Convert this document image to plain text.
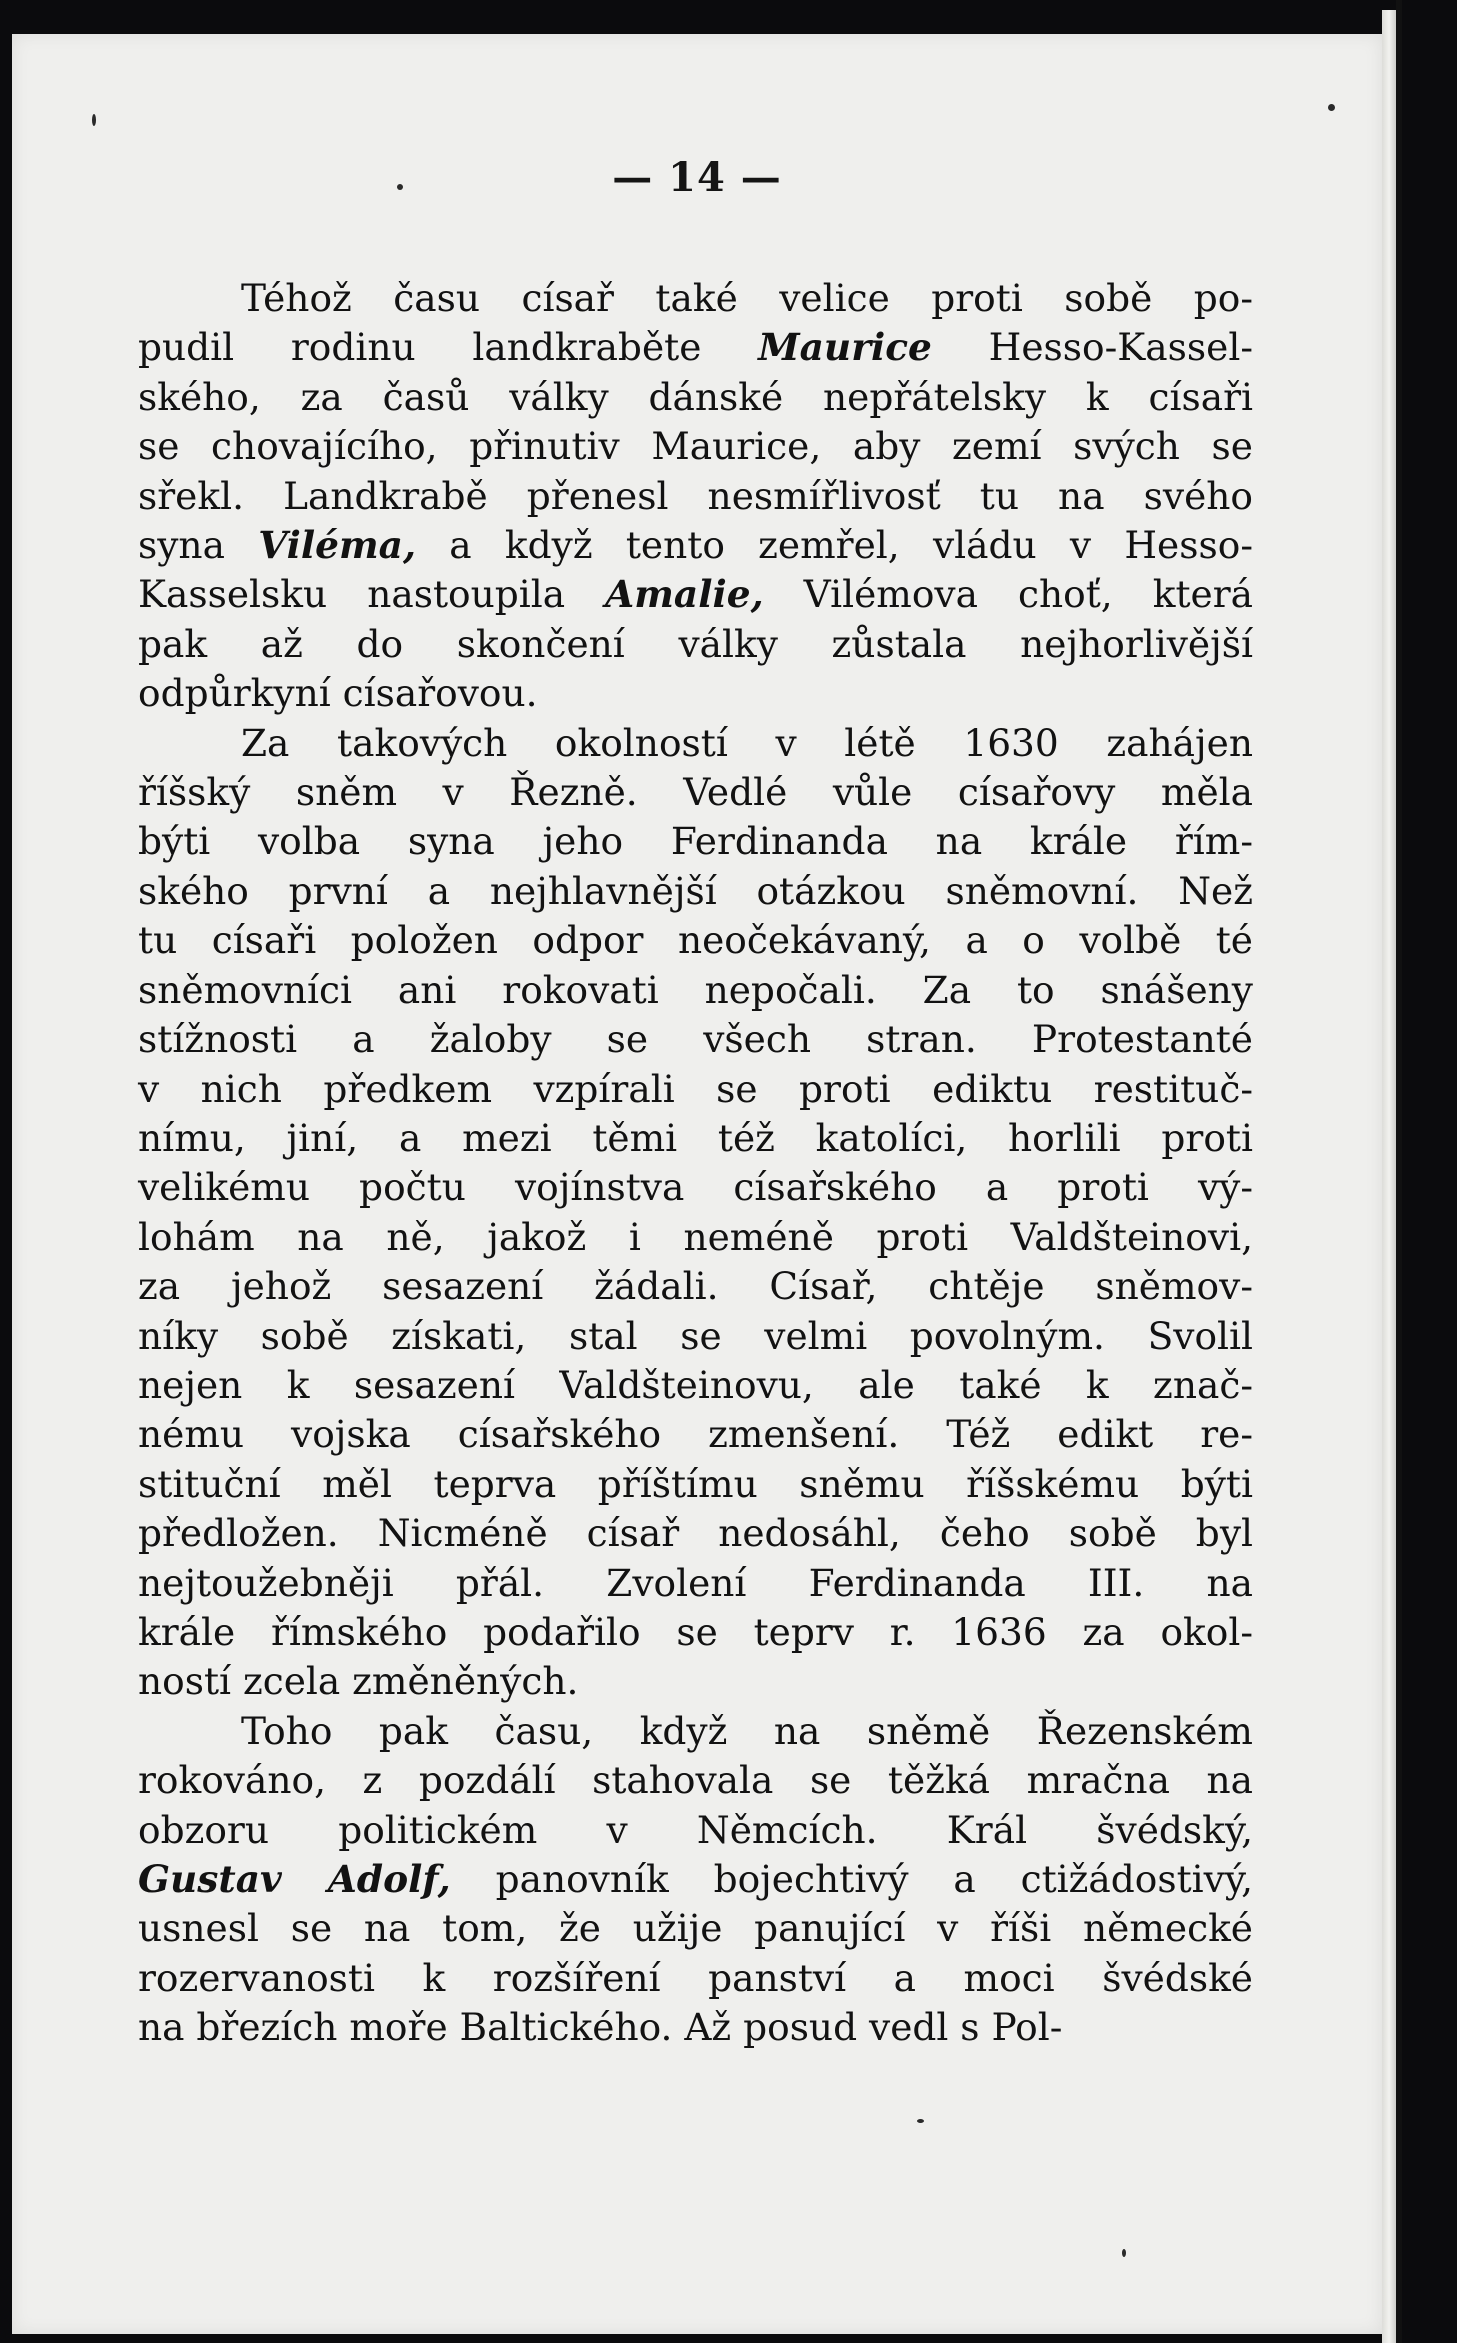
— 14 —
Téhož času císař také velice proti sobě po-
pudil rodinu landkraběte Maurice Hesso-Kassel-
ského, za časů války dánské nepřátelsky k císaři
se chovajícího, přinutiv Maurice, aby zemí svých se
sřekl. Landkrabě přenesl nesmířlivosť tu na svého
syna Viléma, a když tento zemřel, vládu v Hesso-
Kasselsku nastoupila Amalie, Vilémova choť, která
pak až do skončení války zůstala nejhorlivější
odpůrkyní císařovou.
Za takových okolností v létě 1630 zahájen
říšský sněm v Řezně. Vedlé vůle císařovy měla
býti volba syna jeho Ferdinanda na krále řím-
ského první a nejhlavnější otázkou sněmovní. Než
tu císaři položen odpor neočekávaný, a o volbě té
sněmovníci ani rokovati nepočali. Za to snášeny
stížnosti a žaloby se všech stran. Protestanté
v nich předkem vzpírali se proti ediktu restituč-
nímu, jiní, a mezi těmi též katolíci, horlili proti
velikému počtu vojínstva císařského a proti vý-
lohám na ně, jakož i neméně proti Valdšteinovi,
za jehož sesazení žádali. Císař, chtěje sněmov-
níky sobě získati, stal se velmi povolným. Svolil
nejen k sesazení Valdšteinovu, ale také k znač-
nému vojska císařského zmenšení. Též edikt re-
stituční měl teprva příštímu sněmu říšskému býti
předložen. Nicméně císař nedosáhl, čeho sobě byl
nejtoužebněji přál. Zvolení Ferdinanda III. na
krále římského podařilo se teprv r. 1636 za okol-
ností zcela změněných.
Toho pak času, když na sněmě Řezenském
rokováno, z pozdálí stahovala se těžká mračna na
obzoru politickém v Němcích. Král švédský,
Gustav Adolf, panovník bojechtivý a ctižádostivý,
usnesl se na tom, že užije panující v říši německé
rozervanosti k rozšíření panství a moci švédské
na březích moře Baltického. Až posud vedl s Pol-
